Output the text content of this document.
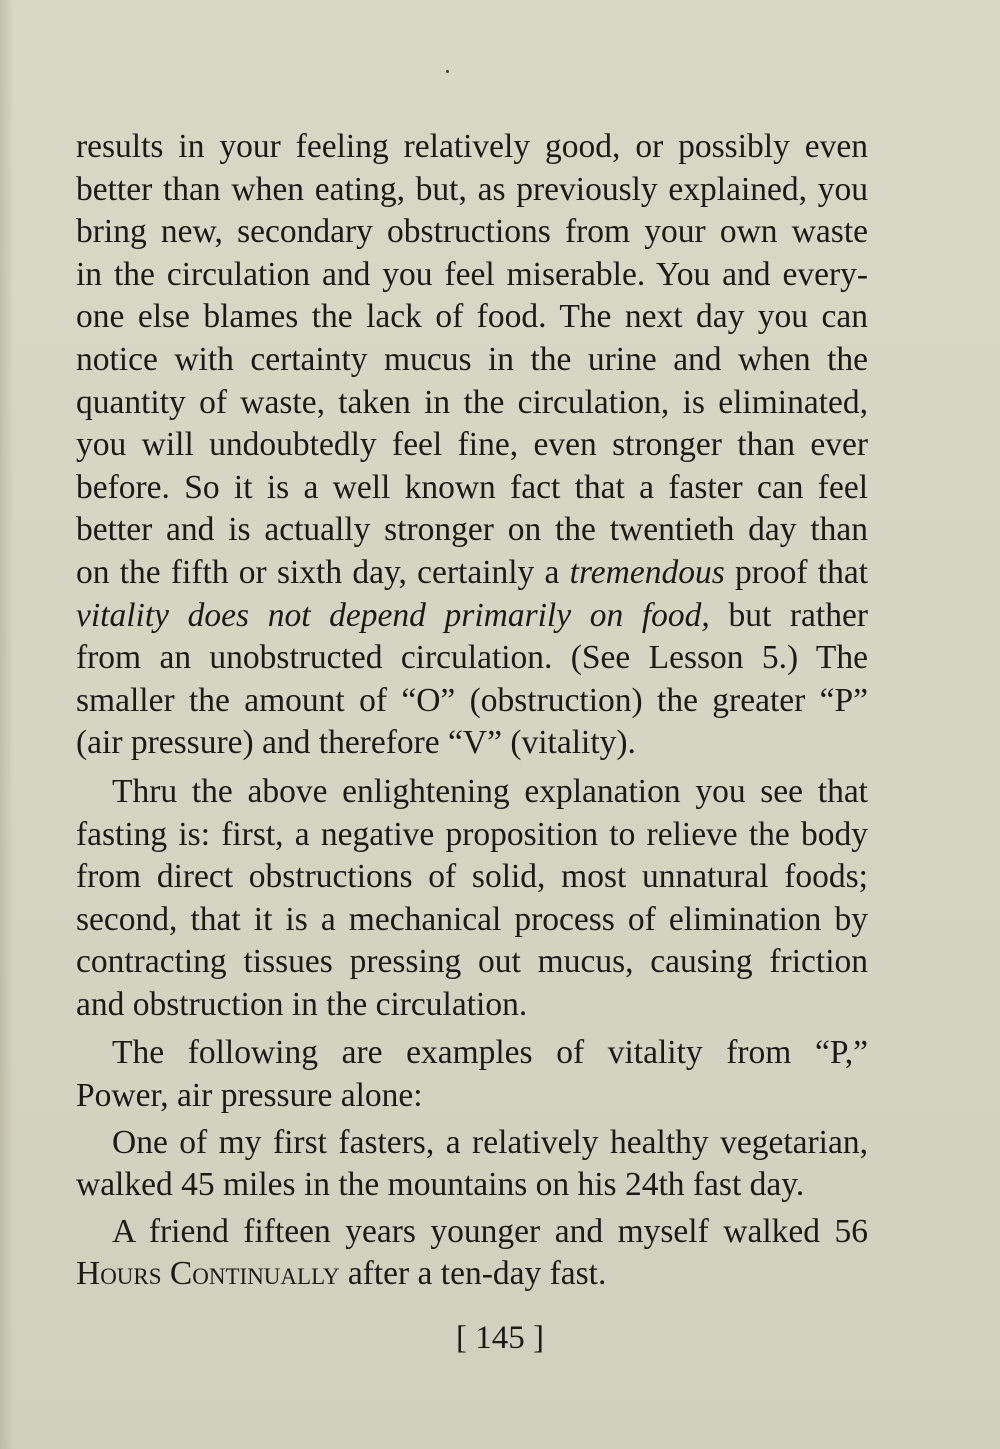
results in your feeling relatively good, or possibly even
better than when eating, but, as previously explained, you
bring new, secondary obstructions from your own waste
in the circulation and you feel miserable. You and every-
one else blames the lack of food. The next day you can
notice with certainty mucus in the urine and when the
quantity of waste, taken in the circulation, is eliminated,
you will undoubtedly feel fine, even stronger than ever
before. So it is a well known fact that a faster can feel
better and is actually stronger on the twentieth day than
on the fifth or sixth day, certainly a tremendous proof that
vitality does not depend primarily on food, but rather
from an unobstructed circulation. (See Lesson 5.) The
smaller the amount of “O” (obstruction) the greater “P”
(air pressure) and therefore “V” (vitality).
Thru the above enlightening explanation you see that
fasting is: first, a negative proposition to relieve the body
from direct obstructions of solid, most unnatural foods;
second, that it is a mechanical process of elimination by
contracting tissues pressing out mucus, causing friction
and obstruction in the circulation.
The following are examples of vitality from “P,”
Power, air pressure alone:
One of my first fasters, a relatively healthy vegetarian,
walked 45 miles in the mountains on his 24th fast day.
A friend fifteen years younger and myself walked 56
Hours Continually after a ten-day fast.
[ 145 ]
